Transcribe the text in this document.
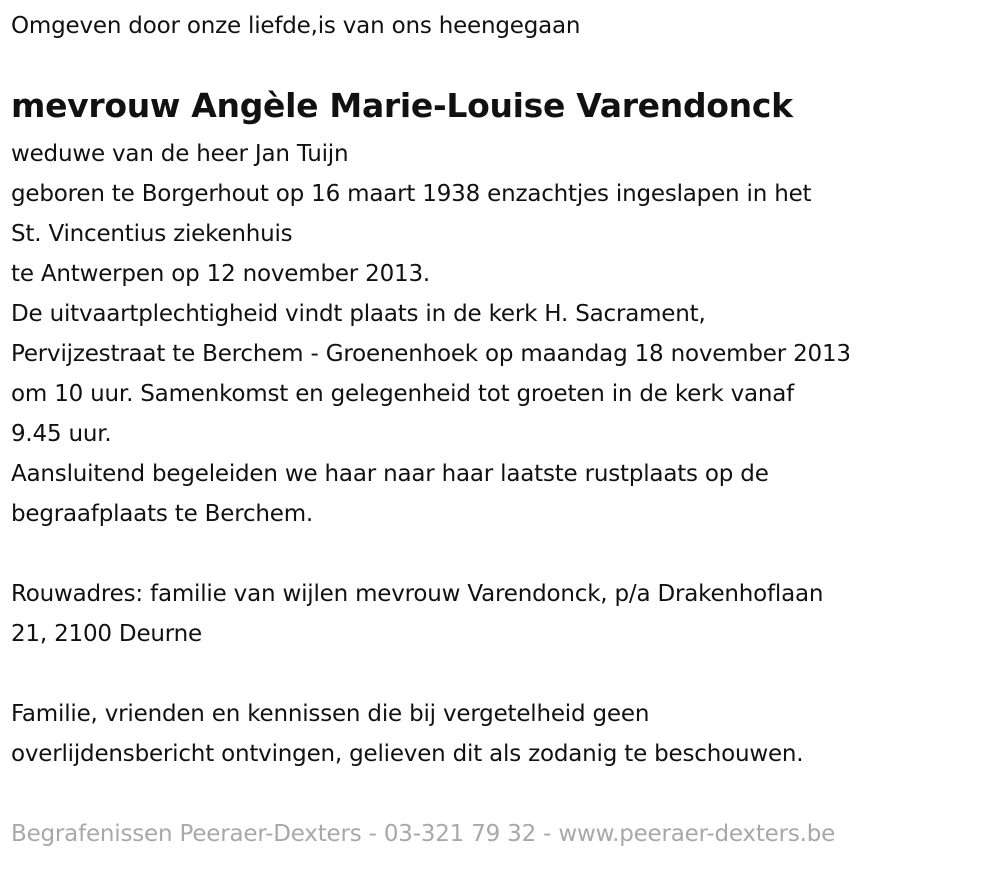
Omgeven door onze liefde,is van ons heengegaan
mevrouw Angèle Marie-Louise Varendonck
weduwe van de heer Jan Tuijn
geboren te Borgerhout op 16 maart 1938 enzachtjes ingeslapen in het
St. Vincentius ziekenhuis
te Antwerpen op 12 november 2013.
De uitvaartplechtigheid vindt plaats in de kerk H. Sacrament,
Pervijzestraat te Berchem - Groenenhoek op maandag 18 november 2013
om 10 uur. Samenkomst en gelegenheid tot groeten in de kerk vanaf
9.45 uur.
Aansluitend begeleiden we haar naar haar laatste rustplaats op de
begraafplaats te Berchem.
Rouwadres: familie van wijlen mevrouw Varendonck, p/a Drakenhoflaan
21, 2100 Deurne
Familie, vrienden en kennissen die bij vergetelheid geen
overlijdensbericht ontvingen, gelieven dit als zodanig te beschouwen.
Begrafenissen Peeraer-Dexters - 03-321 79 32 - www.peeraer-dexters.be
